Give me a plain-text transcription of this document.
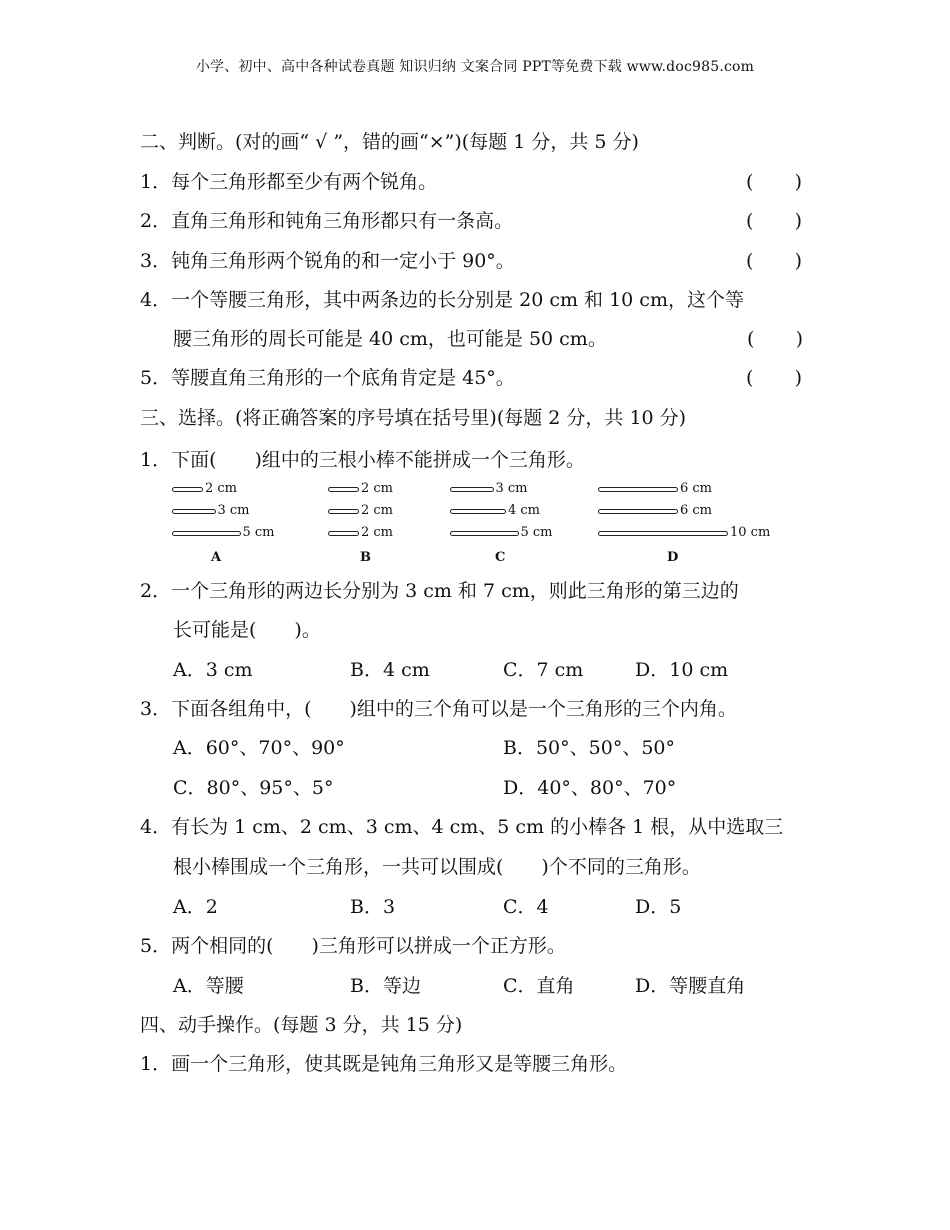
小学、初中、高中各种试卷真题 知识归纳 文案合同 PPT等免费下载 www.doc985.com
二、判断。(对的画“ √ ”，错的画“×”)(每题 1 分，共 5 分)
1．每个三角形都至少有两个锐角。	( )
2．直角三角形和钝角三角形都只有一条高。	( )
3．钝角三角形两个锐角的和一定小于 90°。	( )
4．一个等腰三角形，其中两条边的长分别是 20 cm 和 10 cm，这个等
腰三角形的周长可能是 40 cm，也可能是 50 cm。	( )
5．等腰直角三角形的一个底角肯定是 45°。	( )
三、选择。(将正确答案的序号填在括号里)(每题 2 分，共 10 分)
1．下面(　　)组中的三根小棒不能拼成一个三角形。
2 cm
3 cm
5 cm
A
2 cm
2 cm
2 cm
B
3 cm
4 cm
5 cm
C
6 cm
6 cm
10 cm
D
2．一个三角形的两边长分别为 3 cm 和 7 cm，则此三角形的第三边的
长可能是(　　)。
A．3 cm	B．4 cm	C．7 cm	D．10 cm
3．下面各组角中，(　　)组中的三个角可以是一个三角形的三个内角。
A．60°、70°、90°	B．50°、50°、50°
C．80°、95°、5°	D．40°、80°、70°
4．有长为 1 cm、2 cm、3 cm、4 cm、5 cm 的小棒各 1 根，从中选取三
根小棒围成一个三角形，一共可以围成(　　)个不同的三角形。
A．2	B．3	C．4	D．5
5．两个相同的(　　)三角形可以拼成一个正方形。
A．等腰	B．等边	C．直角	D．等腰直角
四、动手操作。(每题 3 分，共 15 分)
1．画一个三角形，使其既是钝角三角形又是等腰三角形。
